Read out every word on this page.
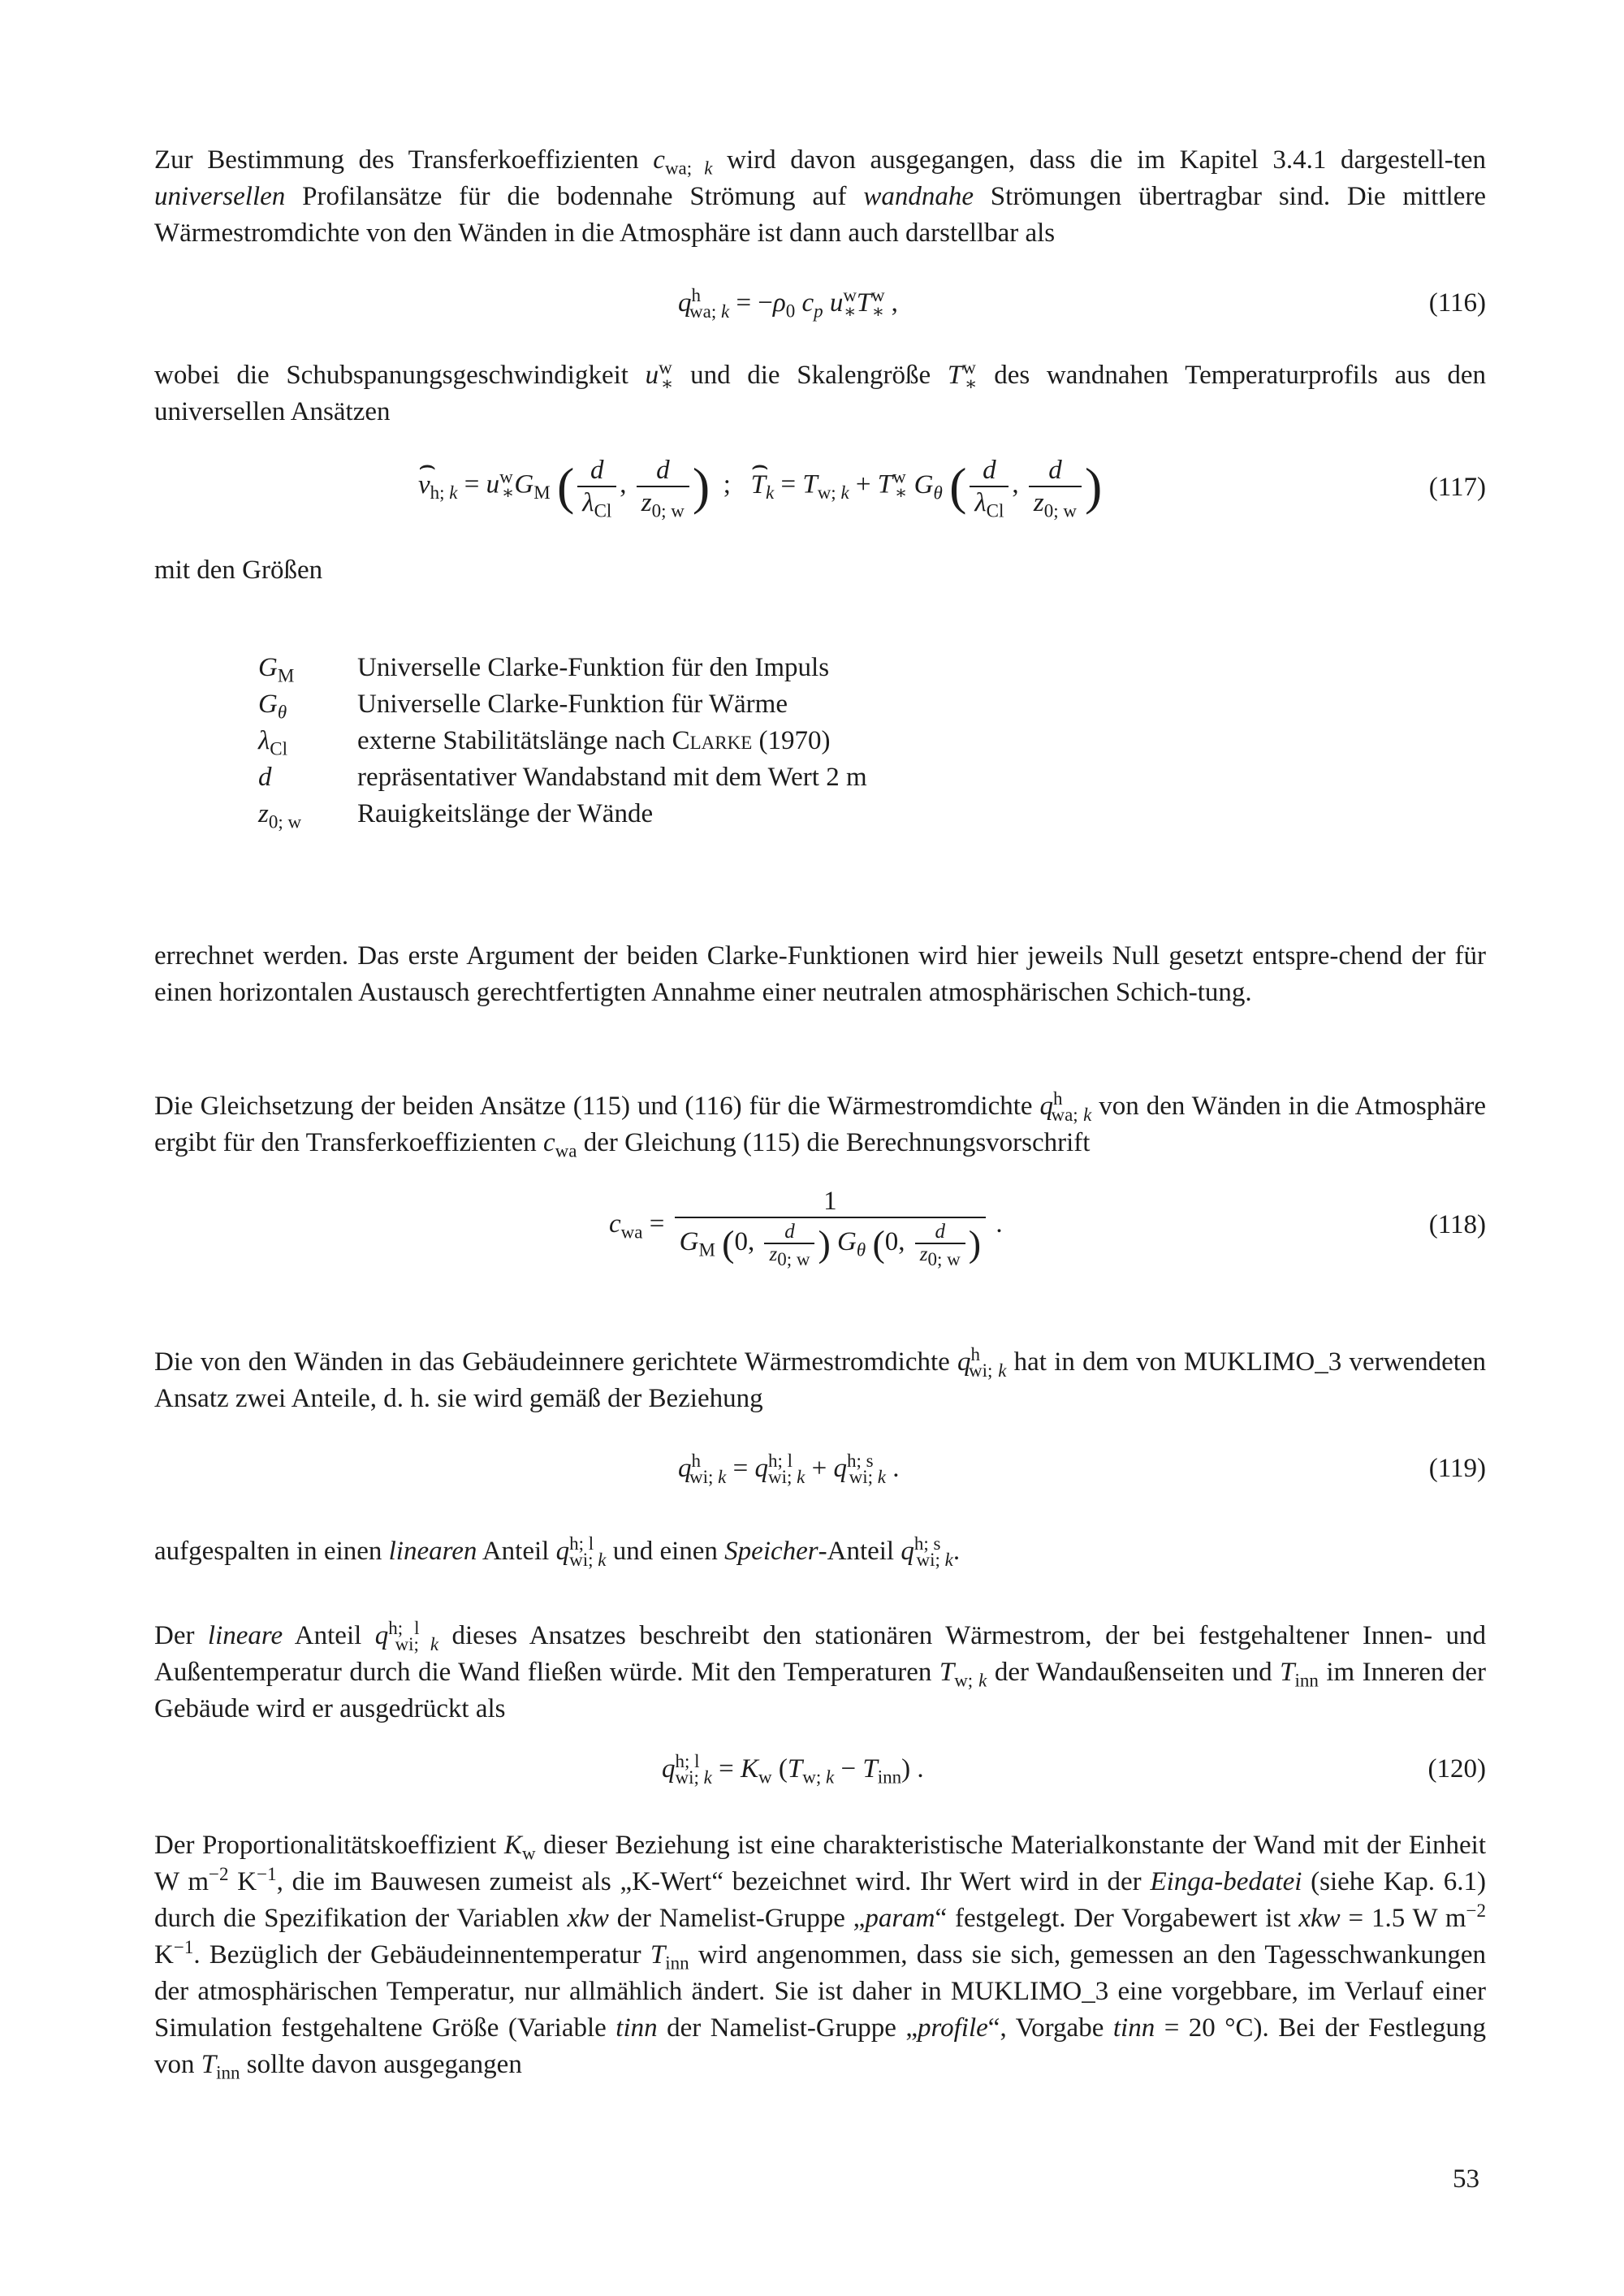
Zur Bestimmung des Transferkoeffizienten $c_{wa; k}$ wird davon ausgegangen, dass die im Kapitel 3.4.1 dargestell-ten universellen Profilansätze für die bodennahe Strömung auf wandnahe Strömungen übertragbar sind. Die mittlere Wärmestromdichte von den Wänden in die Atmosphäre ist dann auch darstellbar als

$q^h_{wa; k} = -\rho_0$ $c_p$ $u^w_∗T^w_∗$ ,	(116)

wobei die Schubspanungsgeschwindigkeit $u^w_∗$ und die Skalengröße $T^w_∗$ des wandnahen Temperaturprofils aus den universellen Ansätzen

⌢ $v_{h; k} = u^w_∗G_M$ ( $\frac{d}{\lambda_{Cl}}$ , $\frac{d}{z_{0; w}}$ )  ;   ⌢ $T_k = T_{w; k} + T^w_∗$ $G_\theta$ ( $\frac{d}{\lambda_{Cl}}$ , $\frac{d}{z_{0; w}}$ )	(117)

mit den Größen

$G_M$	Universelle Clarke-Funktion für den Impuls
$G_\theta$	Universelle Clarke-Funktion für Wärme
$\lambda_{Cl}$	externe Stabilitätslänge nach Clarke (1970)
d	repräsentativer Wandabstand mit dem Wert 2 m
$z_{0; w}$	Rauigkeitslänge der Wände

errechnet werden. Das erste Argument der beiden Clarke-Funktionen wird hier jeweils Null gesetzt entspre-chend der für einen horizontalen Austausch gerechtfertigten Annahme einer neutralen atmosphärischen Schich-tung.

Die Gleichsetzung der beiden Ansätze (115) und (116) für die Wärmestromdichte $q^h_{wa; k}$ von den Wänden in die Atmosphäre ergibt für den Transferkoeffizienten $c_{wa}$ der Gleichung (115) die Berechnungsvorschrift

$c_{wa} = \frac{1}{G_M (0, \frac{d}{z_{0; w}} ) G_\theta (0, \frac{d}{z_{0; w}} )}$ .	(118)

Die von den Wänden in das Gebäudeinnere gerichtete Wärmestromdichte $q^h_{wi; k}$ hat in dem von MUKLIMO_3 verwendeten Ansatz zwei Anteile, d. h. sie wird gemäß der Beziehung

$q^h_{wi; k} = q^{h; l}_{wi; k} + q^{h; s}_{wi; k}$ .	(119)

aufgespalten in einen linearen Anteil $q^{h; l}_{wi; k}$ und einen Speicher-Anteil $q^{h; s}_{wi; k}$.

Der lineare Anteil $q^{h; l}_{wi; k}$ dieses Ansatzes beschreibt den stationären Wärmestrom, der bei festgehaltener Innen- und Außentemperatur durch die Wand fließen würde. Mit den Temperaturen $T_{w; k}$ der Wandaußenseiten und $T_{inn}$ im Inneren der Gebäude wird er ausgedrückt als

$q^{h; l}_{wi; k} = K_w$ $(T_{w; k} - T_{inn})$ .	(120)

Der Proportionalitätskoeffizient $K_w$ dieser Beziehung ist eine charakteristische Materialkonstante der Wand mit der Einheit W $m^{-2}$ $K^{-1}$, die im Bauwesen zumeist als „K-Wert“ bezeichnet wird. Ihr Wert wird in der Einga-bedatei (siehe Kap. 6.1) durch die Spezifikation der Variablen xkw der Namelist-Gruppe „param“ festgelegt. Der Vorgabewert ist xkw = 1.5 W $m^{-2}$ $K^{-1}$. Bezüglich der Gebäudeinnentemperatur $T_{inn}$ wird angenommen, dass sie sich, gemessen an den Tagesschwankungen der atmosphärischen Temperatur, nur allmählich ändert. Sie ist daher in MUKLIMO_3 eine vorgebbare, im Verlauf einer Simulation festgehaltene Größe (Variable tinn der Namelist-Gruppe „profile“, Vorgabe tinn = 20 °C). Bei der Festlegung von $T_{inn}$ sollte davon ausgegangen

53
